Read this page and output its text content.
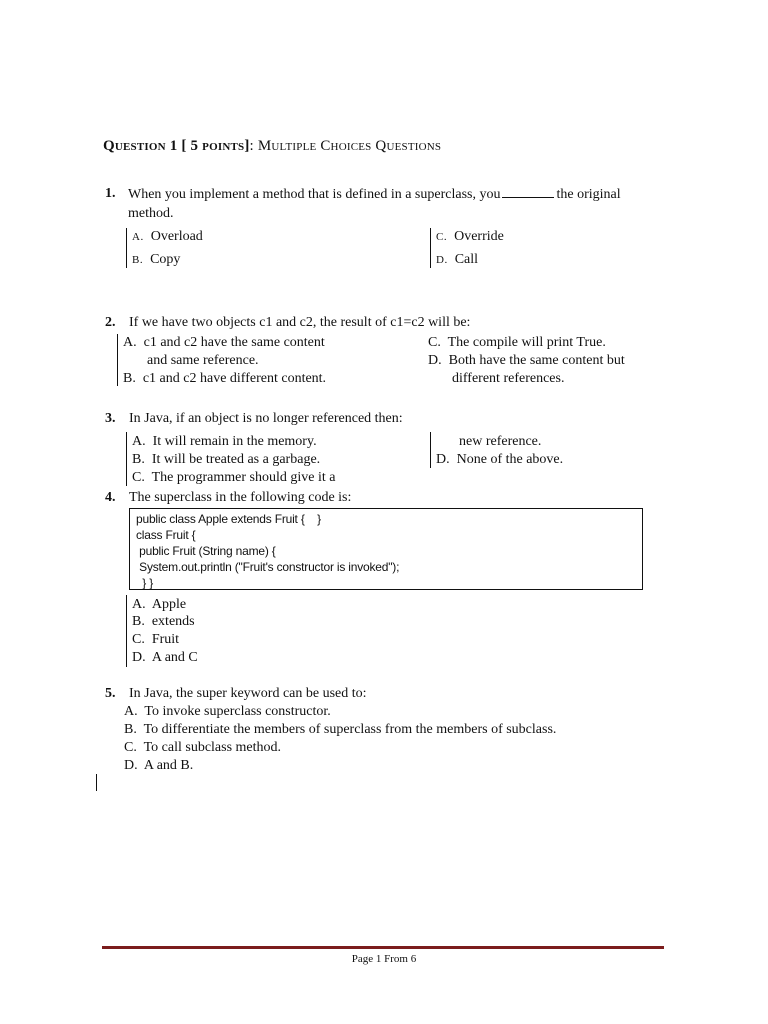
Question 1 [ 5 points]: Multiple Choices Questions
1. When you implement a method that is defined in a superclass, you	the original
method.
A. Overload
B. Copy
C. Override
D. Call
2. If we have two objects c1 and c2, the result of c1=c2 will be:
A. c1 and c2 have the same content
and same reference.
B. c1 and c2 have different content.
C. The compile will print True.
D. Both have the same content but
different references.
3. In Java, if an object is no longer referenced then:
A. It will remain in the memory.
B. It will be treated as a garbage.
C. The programmer should give it a
new reference.
D. None of the above.
4. The superclass in the following code is:
public class Apple extends Fruit {    }
class Fruit {
public Fruit (String name) {
System.out.println ("Fruit's constructor is invoked");
} }
A. Apple
B. extends
C. Fruit
D. A and C
5. In Java, the super keyword can be used to:
A. To invoke superclass constructor.
B. To differentiate the members of superclass from the members of subclass.
C. To call subclass method.
D. A and B.
Page 1 From 6
